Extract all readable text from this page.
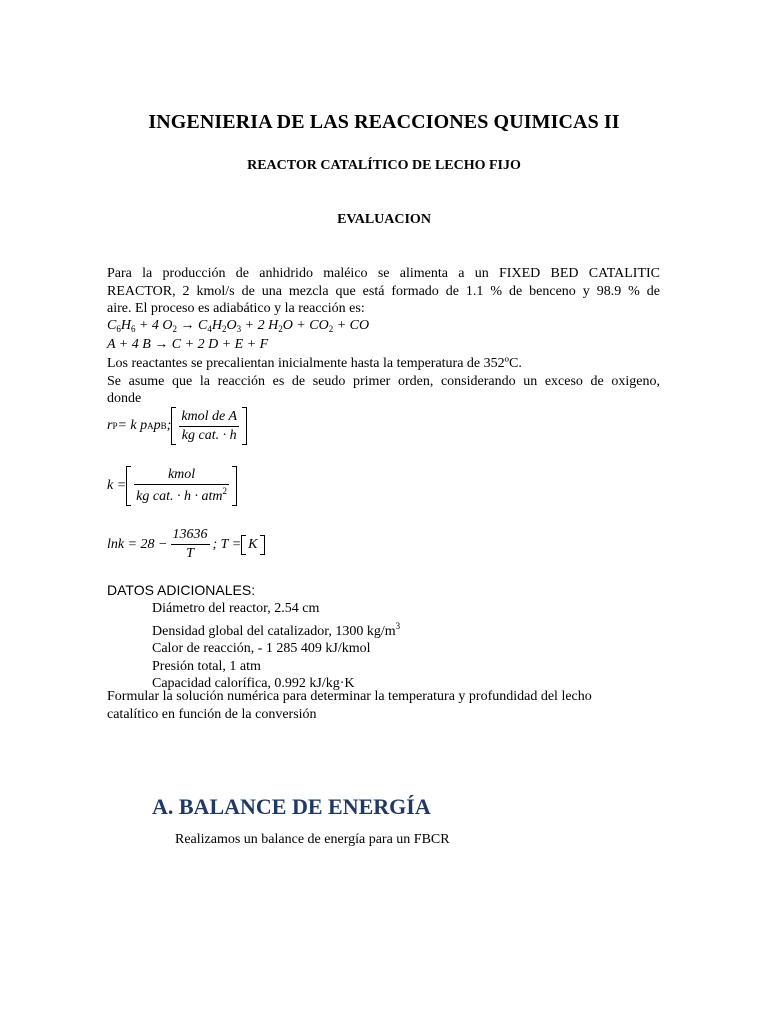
INGENIERIA DE LAS REACCIONES QUIMICAS II
REACTOR CATALÍTICO DE LECHO FIJO
EVALUACION
Para la producción de anhidrido maléico se alimenta a un FIXED BED CATALITIC
REACTOR, 2 kmol/s de una mezcla que está formado de 1.1 % de benceno y 98.9 % de
aire. El proceso es adiabático y la reacción es:
$C_6H_6 + 4$ $O_2 \to C_4H_2O_3 + 2$ $H_2O + CO_2$ + CO
A + 4 B → C + 2 D + E + F
Los reactantes se precalientan inicialmente hasta la temperatura de 352ºC.
Se asume que la reacción es de seudo primer orden, considerando un exceso de oxigeno,
donde
r P = k p A p B ; $\frac{\text{kmol de A}}{\text{kg cat. · h}}$
$k = \frac{\text{kmol}}{kg cat. \cdot h \cdot atm^2}$
$\ln k = 28 - \frac{13636}{T}$ ; T = K
DATOS ADICIONALES:
Diámetro del reactor, 2.54 cm
Densidad global del catalizador, 1300 $kg/m^3$
Calor de reacción, - 1 285 409 kJ/kmol
Presión total, 1 atm
Capacidad calorífica, 0.992 kJ/kg·K
Formular la solución numérica para determinar la temperatura y profundidad del lecho
catalítico en función de la conversión
A. BALANCE DE ENERGÍA
Realizamos un balance de energía para un FBCR
